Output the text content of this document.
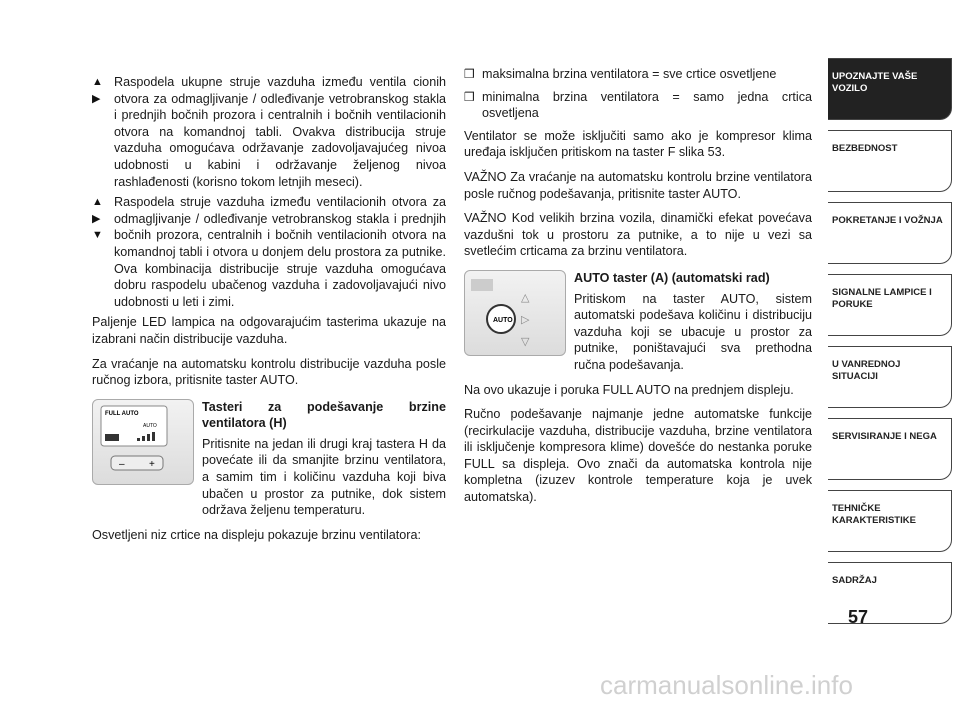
▲
▶
Raspodela ukupne struje vazduha između ventila cionih otvora za odmagljivanje / odleđivanje vetrobranskog stakla i prednjih bočnih prozora i centralnih i bočnih ventilacionih otvora na komandnoj tabli. Ovakva distribucija struje vazduha omogućava održavanje zadovoljavajućeg nivoa udobnosti u kabini i održavanje željenog nivoa rashlađenosti (korisno tokom letnjih meseci).
▲
▶
▼
Raspodela struje vazduha između ventilacionih otvora za odmagljivanje / odleđivanje vetrobranskog stakla i prednjih bočnih prozora, centralnih i bočnih ventilacionih otvora na komandnoj tabli i otvora u donjem delu prostora za putnike. Ova kombinacija distribucije struje vazduha omogućava dobru raspodelu ubačenog vazduha i zadovoljavajući nivo udobnosti u leti i zimi.

Paljenje LED lampica na odgovarajućim tasterima ukazuje na izabrani način distribucije vazduha.

Za vraćanje na automatsku kontrolu distribucije vazduha posle ručnog izbora, pritisnite taster AUTO.

FULL AUTO
AUTO
– +
Tasteri za podešavanje brzine ventilatora (H)
Pritisnite na jedan ili drugi kraj tastera H da povećate ili da smanjite brzinu ventilatora, a samim tim i količinu vazduha koji biva ubačen u prostor za putnike, dok sistem održava željenu temperaturu.

Osvetljeni niz crtice na displeju pokazuje brzinu ventilatora:

❒ maksimalna brzina ventilatora = sve crtice osvetljene
❒ minimalna brzina ventilatora = samo jedna crtica osvetljena

Ventilator se može isključiti samo ako je kompresor klima uređaja isključen pritiskom na taster F slika 53.

VAŽNO Za vraćanje na automatsku kontrolu brzine ventilatora posle ručnog podešavanja, pritisnite taster AUTO.

VAŽNO Kod velikih brzina vozila, dinamički efekat povećava vazdušni tok u prostoru za putnike, a to nije u vezi sa svetlećim crticama za brzinu ventilatora.

AUTO
△
▷
▽
AUTO taster (A) (automatski rad)
Pritiskom na taster AUTO, sistem automatski podešava količinu i distribuciju vazduha koji se ubacuje u prostor za putnike, poništavajući sva prethodna ručna podešavanja.

Na ovo ukazuje i poruka FULL AUTO na prednjem displeju.

Ručno podešavanje najmanje jedne automatske funkcije (recirkulacije vazduha, distribucije vazduha, brzine ventilatora ili isključenje kompresora klime) dovešće do nestanka poruke FULL sa displeja. Ovo znači da automatska kontrola nije kompletna (izuzev kontrole temperature koja je uvek automatska).

UPOZNAJTE VAŠE VOZILO
BEZBEDNOST
POKRETANJE I VOŽNJA
SIGNALNE LAMPICE I PORUKE
U VANREDNOJ SITUACIJI
SERVISIRANJE I NEGA
TEHNIČKE KARAKTERISTIKE
SADRŽAJ
57
carmanualsonline.info
